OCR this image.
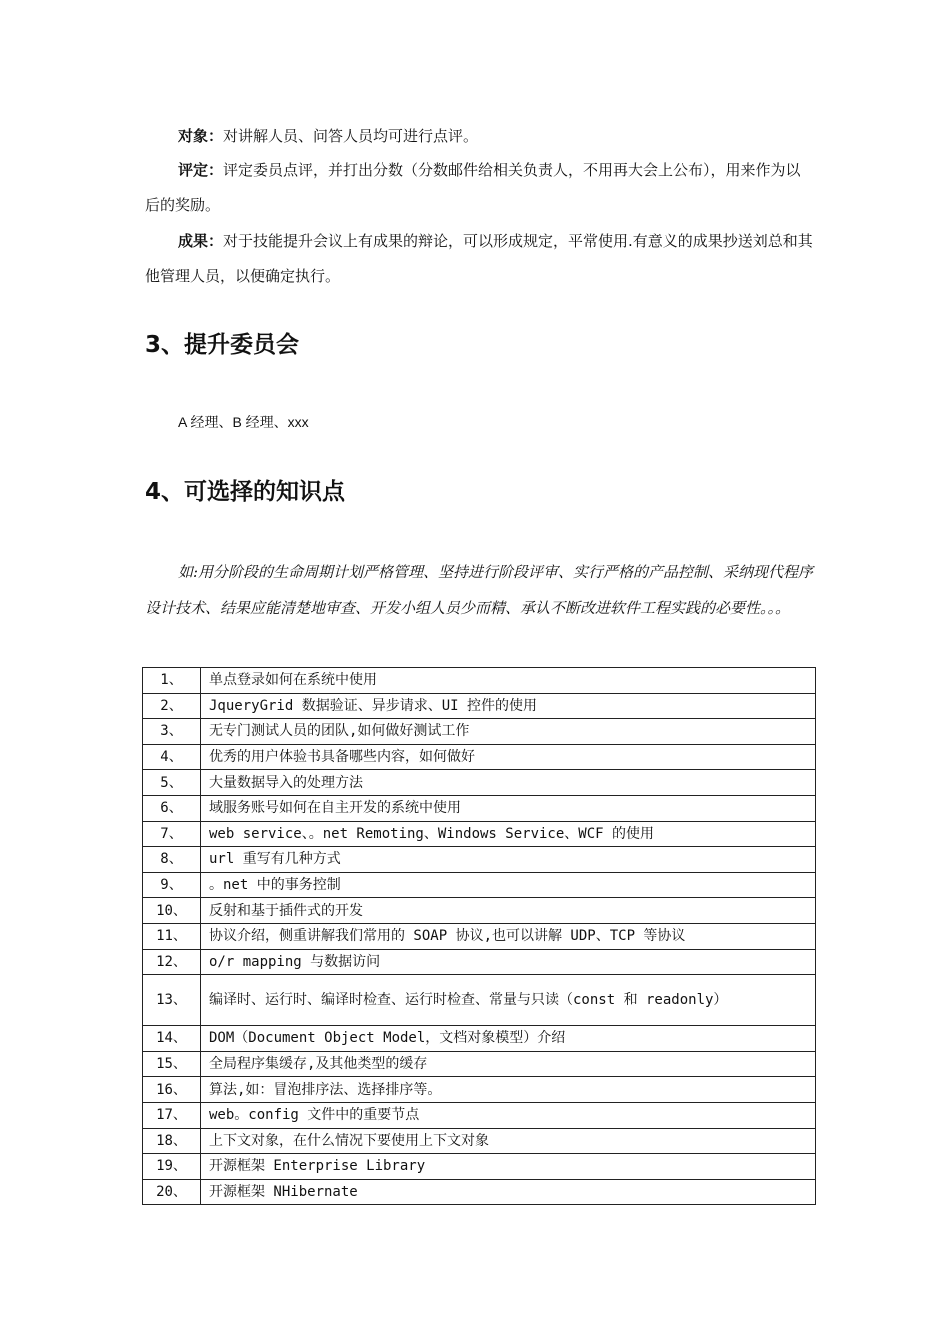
对象：对讲解人员、问答人员均可进行点评。

评定：评定委员点评，并打出分数（分数邮件给相关负责人，不用再大会上公布），用来作为以后的奖励。

成果：对于技能提升会议上有成果的辩论，可以形成规定，平常使用.有意义的成果抄送刘总和其他管理人员，以便确定执行。

3、提升委员会

A 经理、B 经理、xxx

4、可选择的知识点

如:用分阶段的生命周期计划严格管理、坚持进行阶段评审、实行严格的产品控制、采纳现代程序设计技术、结果应能清楚地审查、开发小组人员少而精、承认不断改进软件工程实践的必要性。。。

1、	单点登录如何在系统中使用
2、	JqueryGrid 数据验证、异步请求、UI 控件的使用
3、	无专门测试人员的团队,如何做好测试工作
4、	优秀的用户体验书具备哪些内容，如何做好
5、	大量数据导入的处理方法
6、	域服务账号如何在自主开发的系统中使用
7、	web service、。net Remoting、Windows Service、WCF 的使用
8、	url 重写有几种方式
9、	。net 中的事务控制
10、	反射和基于插件式的开发
11、	协议介绍，侧重讲解我们常用的 SOAP 协议,也可以讲解 UDP、TCP 等协议
12、	o/r mapping 与数据访问
13、	编译时、运行时、编译时检查、运行时检查、常量与只读（const 和 readonly）
14、	DOM（Document Object Model，文档对象模型）介绍
15、	全局程序集缓存,及其他类型的缓存
16、	算法,如：冒泡排序法、选择排序等。
17、	web。config 文件中的重要节点
18、	上下文对象，在什么情况下要使用上下文对象
19、	开源框架 Enterprise Library
20、	开源框架 NHibernate
